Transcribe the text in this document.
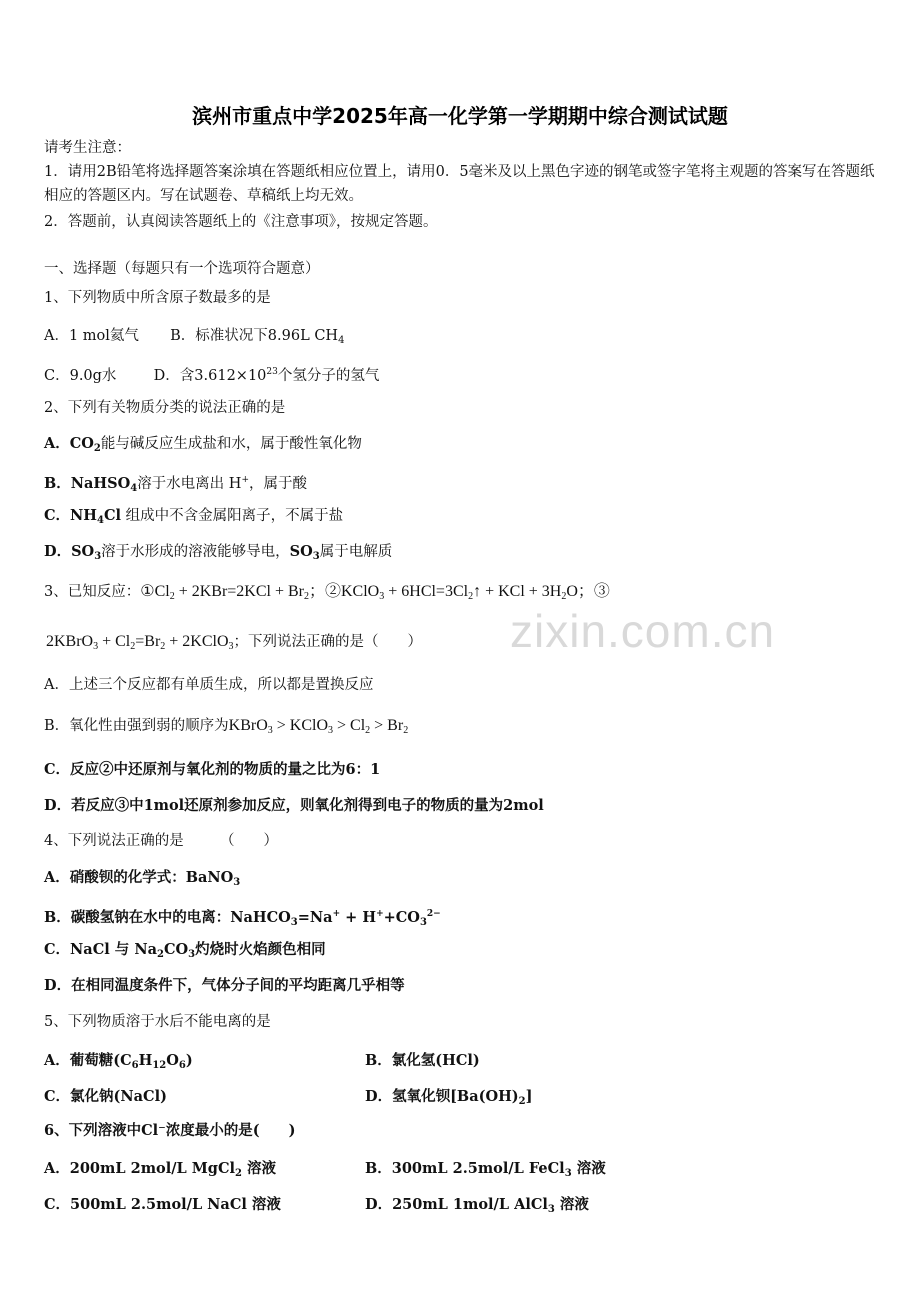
滨州市重点中学2025年高一化学第一学期期中综合测试试题
请考生注意：
1．请用2B铅笔将选择题答案涂填在答题纸相应位置上，请用0．5毫米及以上黑色字迹的钢笔或签字笔将主观题的答案写在答题纸相应的答题区内。写在试题卷、草稿纸上均无效。
2．答题前，认真阅读答题纸上的《注意事项》，按规定答题。
一、选择题（每题只有一个选项符合题意）
1、下列物质中所含原子数最多的是
A．1 mol氦气 B．标准状况下8.96L $CH_4$
C．9.0g水	D．含$3.612\times 10^{23}$个氢分子的氢气
2、下列有关物质分类的说法正确的是
A．$CO_2$能与碱反应生成盐和水，属于酸性氧化物
B．NaHSO$_4$溶于水电离出 H+，属于酸
C．$NH_4Cl$ 组成中不含金属阳离子，不属于盐
D．$SO_3$溶于水形成的溶液能够导电，$SO_3$属于电解质
3、已知反应：$①Cl_2 + 2KBr=2KCl + Br_2$；②KClO$_3$ + $6HCl=3Cl_2↑$ + KCl + $3H_2O$；③
2KBrO$_3$ + $Cl_2=Br_2$ + 2KClO$_3$；下列说法正确的是（　　） zixin.com.cn
A．上述三个反应都有单质生成，所以都是置换反应
B．氧化性由强到弱的顺序为KBrO$_3$ > KClO$_3$ > $Cl_2 > Br_2$
C．反应②中还原剂与氧化剂的物质的量之比为6：1
D．若反应③中1mol还原剂参加反应，则氧化剂得到电子的物质的量为2mol
4、下列说法正确的是　　　（　　）
A．硝酸钡的化学式：BaNO$_3$
B．碳酸氢钠在水中的电离：NaHCO$_3$=Na+ + $H^++CO_3^{2-}$
C．NaCl 与 $Na_2CO_3$灼烧时火焰颜色相同
D．在相同温度条件下，气体分子间的平均距离几乎相等
5、下列物质溶于水后不能电离的是
A．葡萄糖$(C_6H_{12}O_6)$	B．氯化氢(HCl)
C．氯化钠(NaCl)	D．氢氧化钡$[Ba(OH)_2]$
6、下列溶液中Cl⁻浓度最小的是(　　)
A．200mL 2mol/L MgCl$_2$ 溶液	B．300mL 2.5mol/L FeCl$_3$ 溶液
C．500mL 2.5mol/L NaCl 溶液	D．250mL 1mol/L AlCl$_3$ 溶液
